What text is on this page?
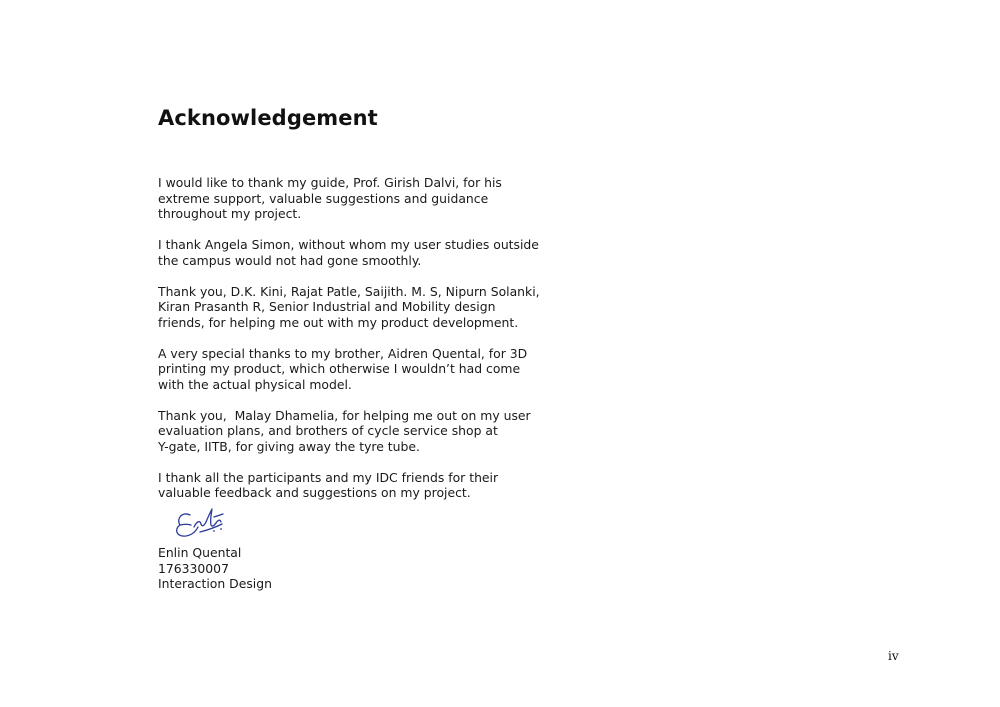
Acknowledgement

I would like to thank my guide, Prof. Girish Dalvi, for his
extreme support, valuable suggestions and guidance
throughout my project.

I thank Angela Simon, without whom my user studies outside
the campus would not had gone smoothly.

Thank you, D.K. Kini, Rajat Patle, Saijith. M. S, Nipurn Solanki,
Kiran Prasanth R, Senior Industrial and Mobility design
friends, for helping me out with my product development.

A very special thanks to my brother, Aidren Quental, for 3D
printing my product, which otherwise I wouldn’t had come
with the actual physical model.

Thank you,  Malay Dhamelia, for helping me out on my user
evaluation plans, and brothers of cycle service shop at
Y-gate, IITB, for giving away the tyre tube.

I thank all the participants and my IDC friends for their
valuable feedback and suggestions on my project.

Enlin Quental
176330007
Interaction Design
iv
